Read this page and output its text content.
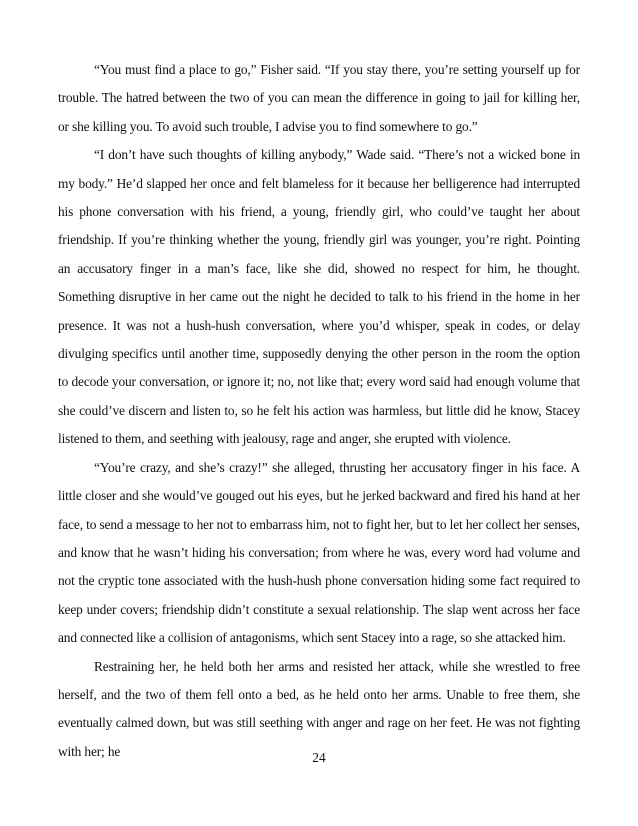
“You must find a place to go,” Fisher said. “If you stay there, you’re setting yourself up for trouble. The hatred between the two of you can mean the difference in going to jail for killing her, or she killing you. To avoid such trouble, I advise you to find somewhere to go.”

“I don’t have such thoughts of killing anybody,” Wade said. “There’s not a wicked bone in my body.” He’d slapped her once and felt blameless for it because her belligerence had interrupted his phone conversation with his friend, a young, friendly girl, who could’ve taught her about friendship. If you’re thinking whether the young, friendly girl was younger, you’re right. Pointing an accusatory finger in a man’s face, like she did, showed no respect for him, he thought. Something disruptive in her came out the night he decided to talk to his friend in the home in her presence. It was not a hush-hush conversation, where you’d whisper, speak in codes, or delay divulging specifics until another time, supposedly denying the other person in the room the option to decode your conversation, or ignore it; no, not like that; every word said had enough volume that she could’ve discern and listen to, so he felt his action was harmless, but little did he know, Stacey listened to them, and seething with jealousy, rage and anger, she erupted with violence.

“You’re crazy, and she’s crazy!” she alleged, thrusting her accusatory finger in his face. A little closer and she would’ve gouged out his eyes, but he jerked backward and fired his hand at her face, to send a message to her not to embarrass him, not to fight her, but to let her collect her senses, and know that he wasn’t hiding his conversation; from where he was, every word had volume and not the cryptic tone associated with the hush-hush phone conversation hiding some fact required to keep under covers; friendship didn’t constitute a sexual relationship. The slap went across her face and connected like a collision of antagonisms, which sent Stacey into a rage, so she attacked him.

Restraining her, he held both her arms and resisted her attack, while she wrestled to free herself, and the two of them fell onto a bed, as he held onto her arms. Unable to free them, she eventually calmed down, but was still seething with anger and rage on her feet. He was not fighting with her; he	24
